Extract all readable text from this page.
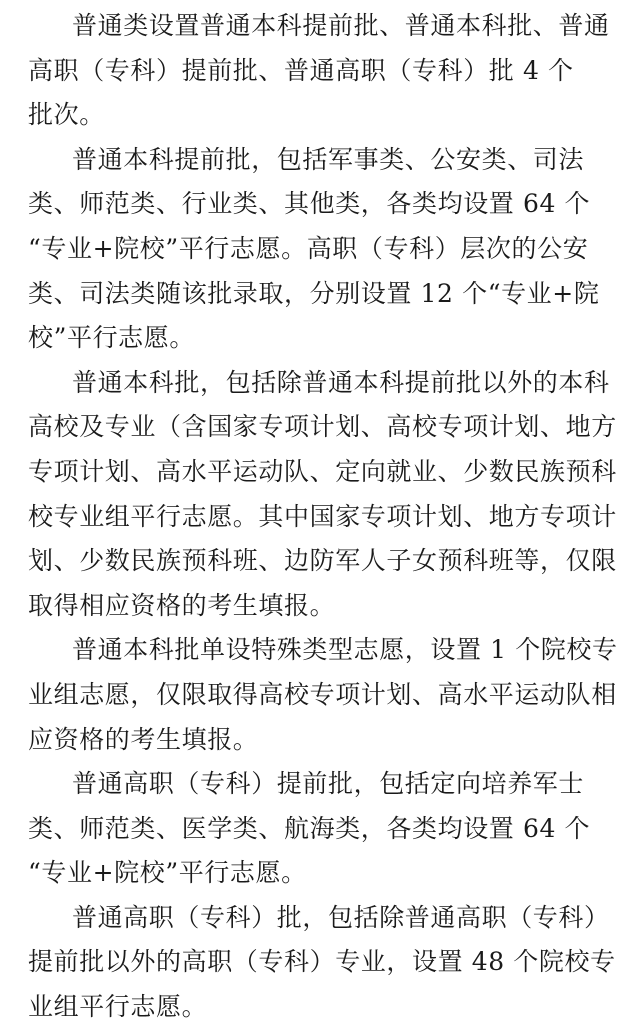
普通类设置普通本科提前批、普通本科批、普通
高职（专科）提前批、普通高职（专科）批 4 个
批次。
普通本科提前批，包括军事类、公安类、司法
类、师范类、行业类、其他类，各类均设置 64 个
“专业+院校”平行志愿。高职（专科）层次的公安
类、司法类随该批录取，分别设置 12 个“专业+院
校”平行志愿。
普通本科批，包括除普通本科提前批以外的本科
高校及专业（含国家专项计划、高校专项计划、地方
专项计划、高水平运动队、定向就业、少数民族预科
校专业组平行志愿。其中国家专项计划、地方专项计
划、少数民族预科班、边防军人子女预科班等，仅限
取得相应资格的考生填报。
普通本科批单设特殊类型志愿，设置 1 个院校专
业组志愿，仅限取得高校专项计划、高水平运动队相
应资格的考生填报。
普通高职（专科）提前批，包括定向培养军士
类、师范类、医学类、航海类，各类均设置 64 个
“专业+院校”平行志愿。
普通高职（专科）批，包括除普通高职（专科）
提前批以外的高职（专科）专业，设置 48 个院校专
业组平行志愿。
